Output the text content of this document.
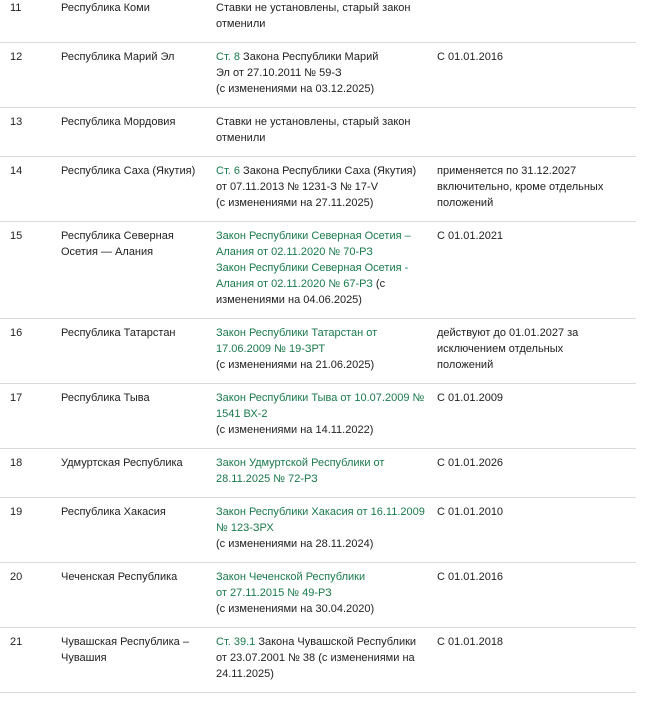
11	Республика Коми	Ставки не установлены, старый закон
отменили	

12	Республика Марий Эл	Ст. 8 Закона Республики Марий
Эл от 27.10.2011 № 59-З
(с изменениями на 03.12.2025)	С 01.01.2016

13	Республика Мордовия	Ставки не установлены, старый закон
отменили	

14	Республика Саха (Якутия)	Ст. 6 Закона Республики Саха (Якутия)
от 07.11.2013 № 1231-З № 17-V
(с изменениями на 27.11.2025)	применяется по 31.12.2027
включительно, кроме отдельных
положений

15	Республика Северная
Осетия — Алания	Закон Республики Северная Осетия –
Алания от 02.11.2020 № 70-РЗ
Закон Республики Северная Осетия -
Алания от 02.11.2020 № 67-РЗ (с
изменениями на 04.06.2025)	С 01.01.2021

16	Республика Татарстан	Закон Республики Татарстан от
17.06.2009 № 19-ЗРТ
(с изменениями на 21.06.2025)	действуют до 01.01.2027 за
исключением отдельных
положений

17	Республика Тыва	Закон Республики Тыва от 10.07.2009 №
1541 ВХ-2
(с изменениями на 14.11.2022)	С 01.01.2009

18	Удмуртская Республика	Закон Удмуртской Республики от
28.11.2025 № 72-РЗ	С 01.01.2026

19	Республика Хакасия	Закон Республики Хакасия от 16.11.2009
№ 123-ЗРХ
(с изменениями на 28.11.2024)	С 01.01.2010

20	Чеченская Республика	Закон Чеченской Республики
от 27.11.2015 № 49-РЗ
(с изменениями на 30.04.2020)	С 01.01.2016

21	Чувашская Республика –
Чувашия	Ст. 39.1 Закона Чувашской Республики
от 23.07.2001 № 38 (с изменениями на
24.11.2025)	С 01.01.2018
